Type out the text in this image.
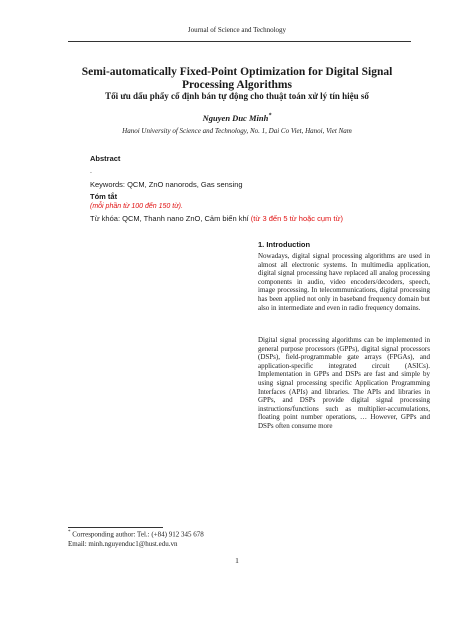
Journal of Science and Technology
Semi-automatically Fixed-Point Optimization for Digital Signal Processing Algorithms
Tối ưu dấu phẩy cố định bán tự động cho thuật toán xử lý tín hiệu số
Nguyen Duc Minh*
Hanoi University of Science and Technology, No. 1, Dai Co Viet, Hanoi, Viet Nam
Abstract
.
Keywords: QCM, ZnO nanorods, Gas sensing
Tóm tắt
(mỗi phần từ 100 đến 150 từ).
Từ khóa: QCM, Thanh nano ZnO, Cảm biến khí (từ 3 đến 5 từ hoặc cụm từ)
1. Introduction

Nowadays, digital signal processing algorithms are used in almost all electronic systems. In multimedia application, digital signal processing have replaced all analog processing components in audio, video encoders/decoders, speech, image processing. In telecommunications, digital processing has been applied not only in baseband frequency domain but also in intermediate and even in radio frequency domains.

Digital signal processing algorithms can be implemented in general purpose processors (GPPs), digital signal processors (DSPs), field-programmable gate arrays (FPGAs), and application-specific integrated circuit (ASICs). Implementation in GPPs and DSPs are fast and simple by using signal processing specific Application Programming Interfaces (APIs) and libraries. The APIs and libraries in GPPs, and DSPs provide digital signal processing instructions/functions such as multiplier-accumulations, floating point number operations, … However, GPPs and DSPs often consume more

* Corresponding author: Tel.: (+84) 912 345 678
Email: minh.nguyenduc1@hust.edu.vn
1
